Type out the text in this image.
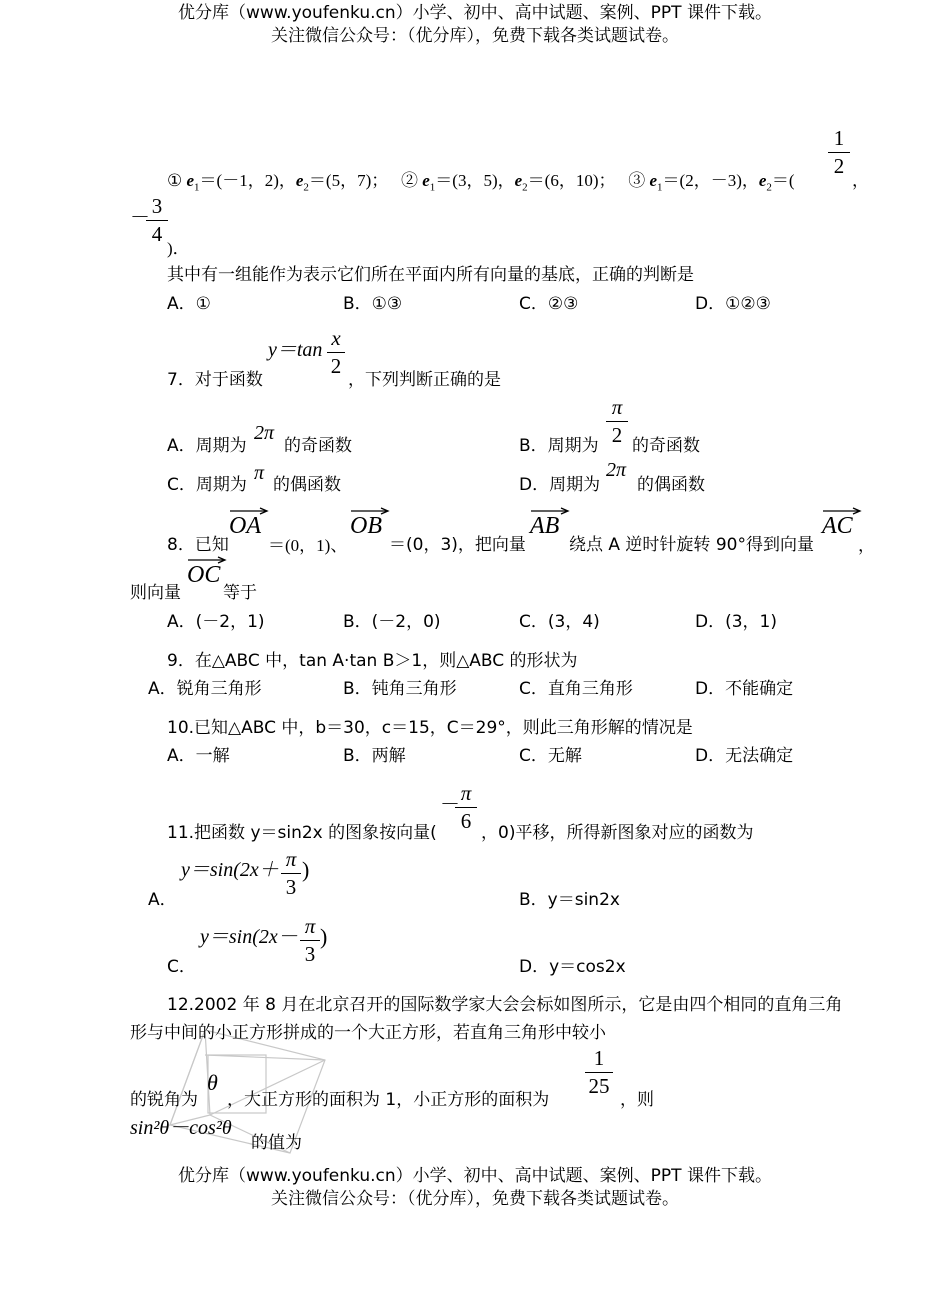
优分库（www.youfenku.cn）小学、初中、高中试题、案例、PPT 课件下载。
关注微信公众号：（优分库），免费下载各类试题试卷。
① $e_1=(-1$，2)，$e_2=(5$，7)； ② $e_1=(3$，5)，$e_2=(6$，10)； ③ $e_1=(2$，－3)，$e_2=$(
1
2
，
－ 3
4
)．
其中有一组能作为表示它们所在平面内所有向量的基底，正确的判断是
A．①	B．①③	C．②③	D．①②③
y＝tan x
2
7．对于函数	，下列判断正确的是
A．周期为
2π
的奇函数	B．周期为
π
2 的奇函数
C．周期为
π
的偶函数	D．周期为
2π
的偶函数
8．已知
OA
＝(0，1)、
OB
＝(0，3)，把向量
AB
绕点 A 逆时针旋转 90°得到向量
AC
，
则向量
OC
等于
A．(－2，1)	B．(－2，0)	C．(3，4)	D．(3，1)
9．在△ABC 中，tan A·tan B＞1，则△ABC 的形状为
A．锐角三角形	B．钝角三角形	C．直角三角形	D．不能确定
10.已知△ABC 中，b＝30，c＝15，C＝29°，则此三角形解的情况是
A．一解	B．两解	C．无解	D．无法确定
－ π
6
11.把函数 y＝sin2x 的图象按向量(	，0)平移，所得新图象对应的函数为
y＝sin(2x＋ π
3
)
A．	B．y＝sin2x
y＝sin(2x－ π
3
)
C．	D．y＝cos2x
12.2002 年 8 月在北京召开的国际数学家大会会标如图所示，它是由四个相同的直角三角
形与中间的小正方形拼成的一个大正方形，若直角三角形中较小
的锐角为
θ
，大正方形的面积为 1，小正方形的面积为
1
25
，则
sin²θ－cos²θ
的值为
优分库（www.youfenku.cn）小学、初中、高中试题、案例、PPT 课件下载。
关注微信公众号：（优分库），免费下载各类试题试卷。
